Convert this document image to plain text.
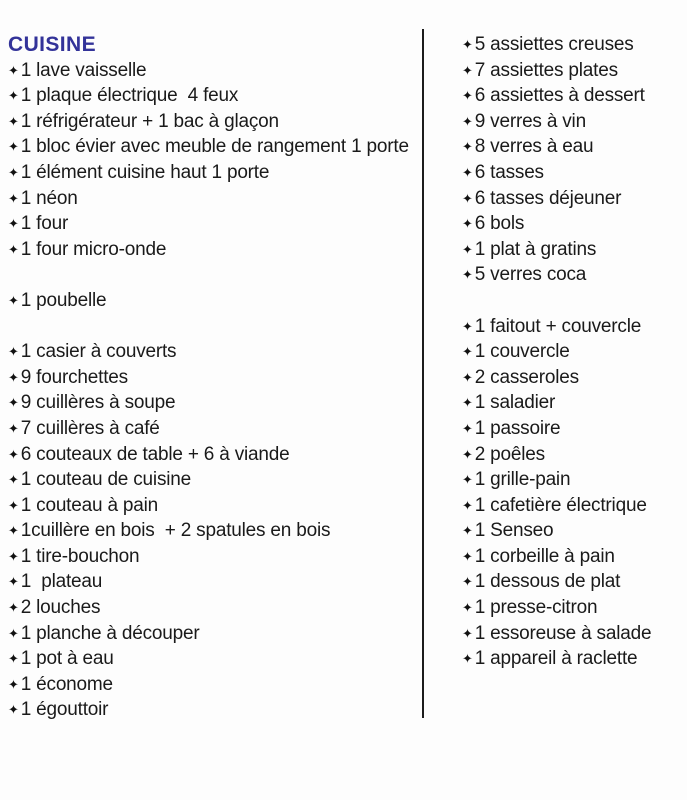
CUISINE
✦ 1 lave vaisselle
✦ 1 plaque électrique  4 feux
✦ 1 réfrigérateur + 1 bac à glaçon
✦ 1 bloc évier avec meuble de rangement 1 porte
✦ 1 élément cuisine haut 1 porte
✦ 1 néon
✦ 1 four
✦ 1 four micro-onde
✦ 1 poubelle
✦ 1 casier à couverts
✦ 9 fourchettes
✦ 9 cuillères à soupe
✦ 7 cuillères à café
✦ 6 couteaux de table + 6 à viande
✦ 1 couteau de cuisine
✦ 1 couteau à pain
✦ 1cuillère en bois  + 2 spatules en bois
✦ 1 tire-bouchon
✦ 1  plateau
✦ 2 louches
✦ 1 planche à découper
✦ 1 pot à eau
✦ 1 économe
✦ 1 égouttoir
✦ 5 assiettes creuses
✦ 7 assiettes plates
✦ 6 assiettes à dessert
✦ 9 verres à vin
✦ 8 verres à eau
✦ 6 tasses
✦ 6 tasses déjeuner
✦ 6 bols
✦ 1 plat à gratins
✦ 5 verres coca
✦ 1 faitout + couvercle
✦ 1 couvercle
✦ 2 casseroles
✦ 1 saladier
✦ 1 passoire
✦ 2 poêles
✦ 1 grille-pain
✦ 1 cafetière électrique
✦ 1 Senseo
✦ 1 corbeille à pain
✦ 1 dessous de plat
✦ 1 presse-citron
✦ 1 essoreuse à salade
✦ 1 appareil à raclette
